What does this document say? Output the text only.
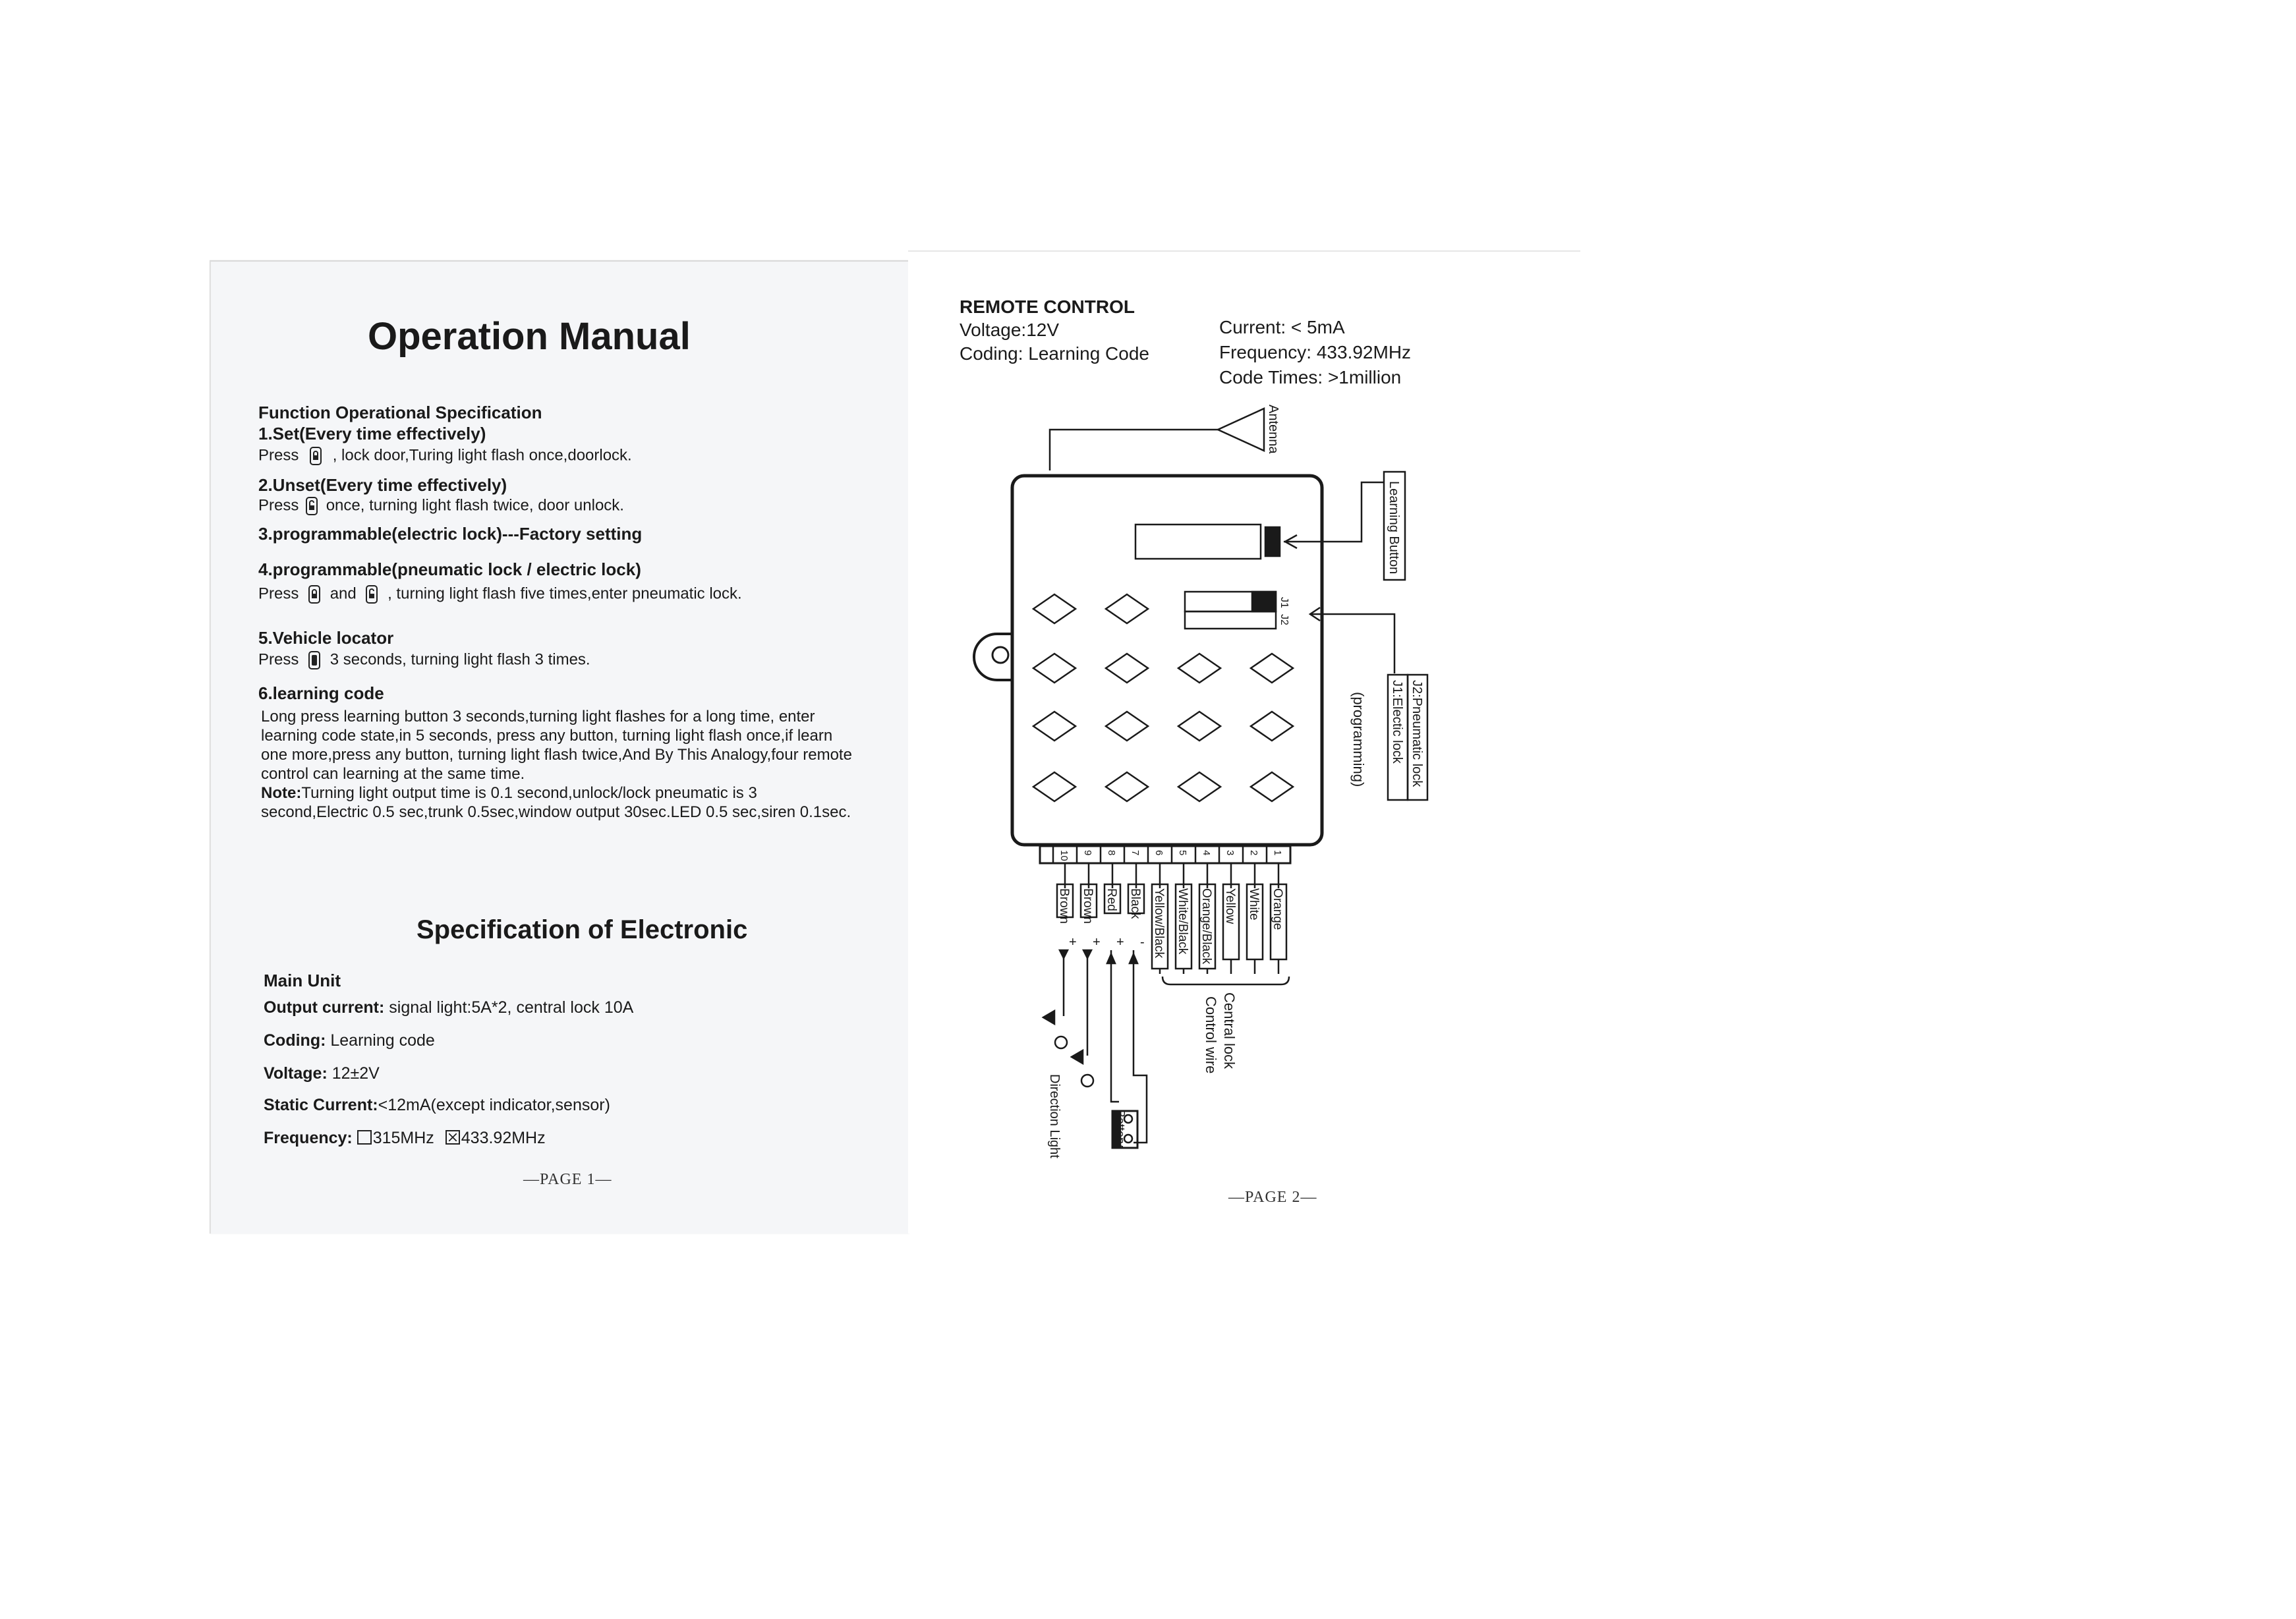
Operation Manual
Function Operational Specification
1.Set(Every time effectively)
Press , lock door,Turing light flash once,doorlock.
2.Unset(Every time effectively)
Press once, turning light flash twice, door unlock.
3.programmable(electric lock)---Factory setting
4.programmable(pneumatic lock / electric lock)
Press and , turning light flash five times,enter pneumatic lock.
5.Vehicle locator
Press 3 seconds, turning light flash 3 times.
6.learning code
Long press learning button 3 seconds,turning light flashes for a long time, enter learning code state,in 5 seconds, press any button, turning light flash once,if learn one more,press any button, turning light flash twice,And By This Analogy,four remote control can learning at the same time.
Note:Turning light output time is 0.1 second,unlock/lock pneumatic is 3 second,Electric 0.5 sec,trunk 0.5sec,window output 30sec.LED 0.5 sec,siren 0.1sec.
Specification of Electronic
Main Unit
Output current: signal light:5A*2, central lock 10A
Coding: Learning code
Voltage: 12±2V
Static Current:<12mA(except indicator,sensor)
Frequency: 315MHz 433.92MHz
—PAGE 1—
REMOTE CONTROL
Voltage:12V
Coding: Learning Code
Current: < 5mA
Frequency: 433.92MHz
Code Times: >1million
Antenna
Learning Button
J1
J2
J1:Electic lock J2:Pneumatic lock
(programming)
1
2
3
4
5
6
7
8
9
10
Orange
White
Yellow
Orange/Black
White/Black
Yellow/Black
Black
Red
Brown
Brown
-
+
+
+
Central lock
Control wire
Battery
Direction Light
—PAGE 2—
